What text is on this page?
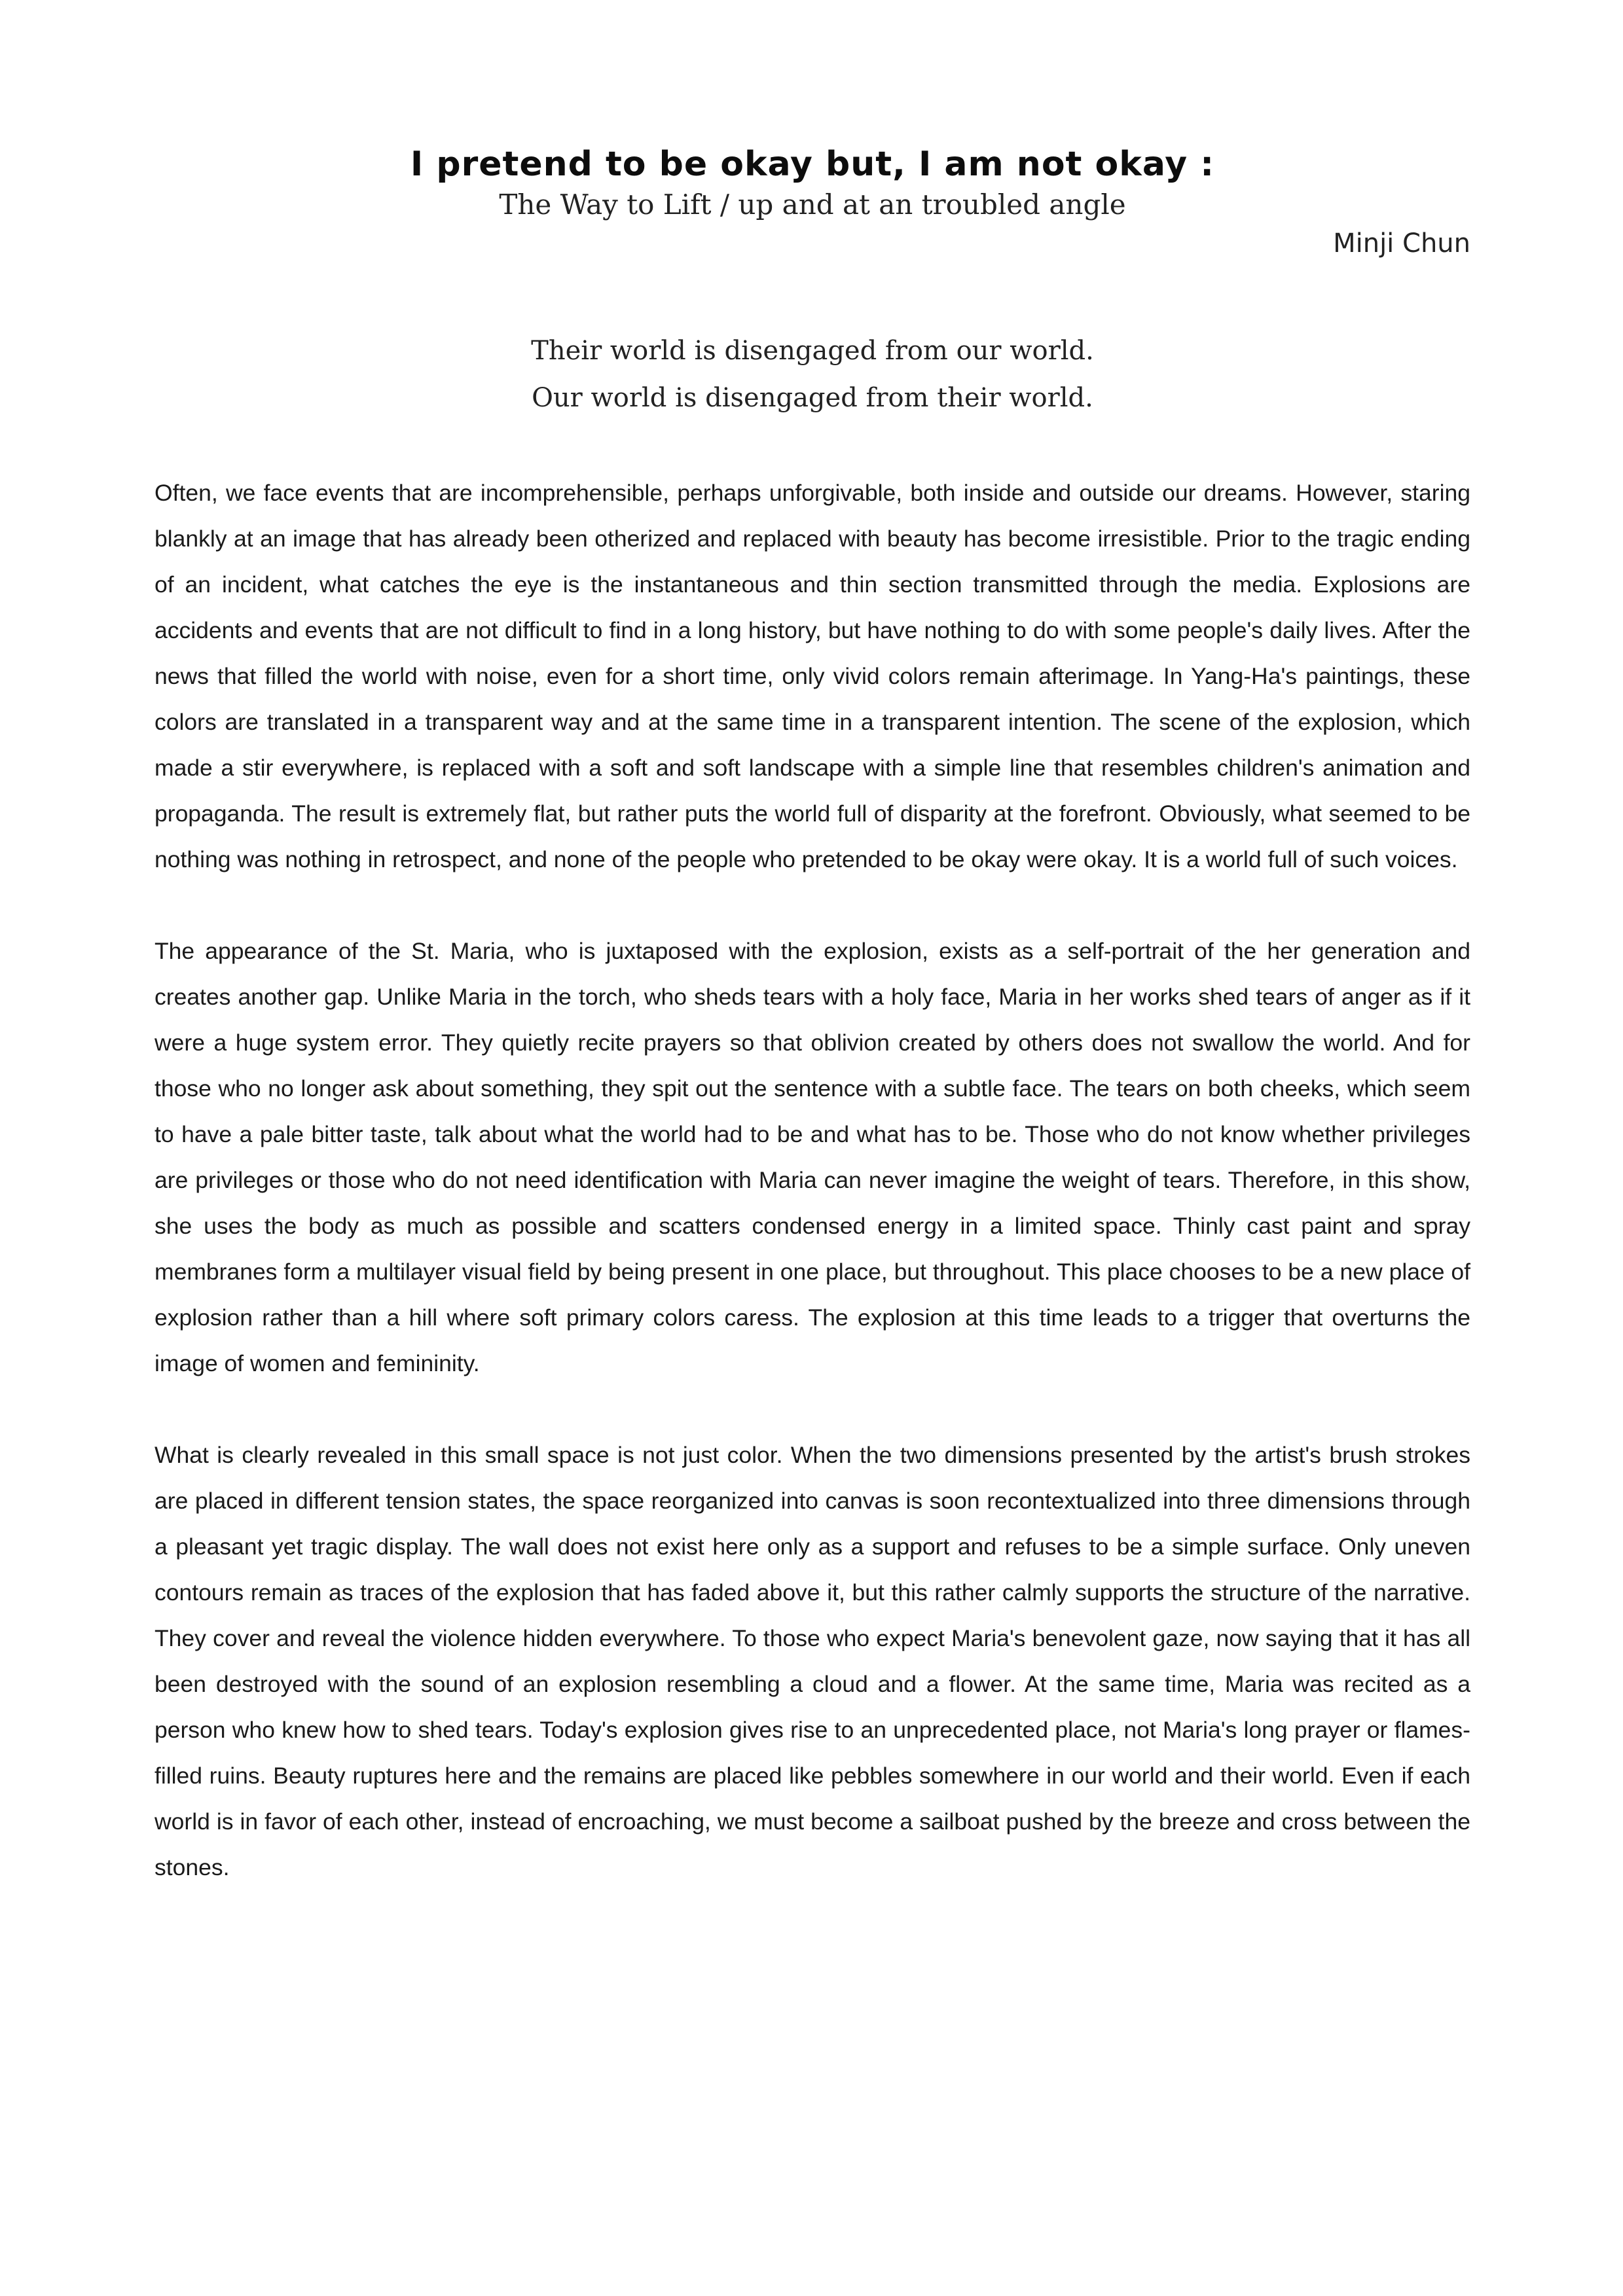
I pretend to be okay but, I am not okay :
The Way to Lift / up and at an troubled angle
Minji Chun
Their world is disengaged from our world.
Our world is disengaged from their world.

Often, we face events that are incomprehensible, perhaps unforgivable, both inside and outside our dreams. However, staring blankly at an image that has already been otherized and replaced with beauty has become irresistible. Prior to the tragic ending of an incident, what catches the eye is the instantaneous and thin section transmitted through the media. Explosions are accidents and events that are not difficult to find in a long history, but have nothing to do with some people's daily lives. After the news that filled the world with noise, even for a short time, only vivid colors remain afterimage. In Yang-Ha's paintings, these colors are translated in a transparent way and at the same time in a transparent intention. The scene of the explosion, which made a stir everywhere, is replaced with a soft and soft landscape with a simple line that resembles children's animation and propaganda. The result is extremely flat, but rather puts the world full of disparity at the forefront. Obviously, what seemed to be nothing was nothing in retrospect, and none of the people who pretended to be okay were okay. It is a world full of such voices.

The appearance of the St. Maria, who is juxtaposed with the explosion, exists as a self-portrait of the her generation and creates another gap. Unlike Maria in the torch, who sheds tears with a holy face, Maria in her works shed tears of anger as if it were a huge system error. They quietly recite prayers so that oblivion created by others does not swallow the world. And for those who no longer ask about something, they spit out the sentence with a subtle face. The tears on both cheeks, which seem to have a pale bitter taste, talk about what the world had to be and what has to be. Those who do not know whether privileges are privileges or those who do not need identification with Maria can never imagine the weight of tears. Therefore, in this show, she uses the body as much as possible and scatters condensed energy in a limited space. Thinly cast paint and spray membranes form a multilayer visual field by being present in one place, but throughout. This place chooses to be a new place of explosion rather than a hill where soft primary colors caress. The explosion at this time leads to a trigger that overturns the image of women and femininity.

What is clearly revealed in this small space is not just color. When the two dimensions presented by the artist's brush strokes are placed in different tension states, the space reorganized into canvas is soon recontextualized into three dimensions through a pleasant yet tragic display. The wall does not exist here only as a support and refuses to be a simple surface. Only uneven contours remain as traces of the explosion that has faded above it, but this rather calmly supports the structure of the narrative. They cover and reveal the violence hidden everywhere. To those who expect Maria's benevolent gaze, now saying that it has all been destroyed with the sound of an explosion resembling a cloud and a flower. At the same time, Maria was recited as a person who knew how to shed tears. Today's explosion gives rise to an unprecedented place, not Maria's long prayer or flames-filled ruins. Beauty ruptures here and the remains are placed like pebbles somewhere in our world and their world. Even if each world is in favor of each other, instead of encroaching, we must become a sailboat pushed by the breeze and cross between the stones.
